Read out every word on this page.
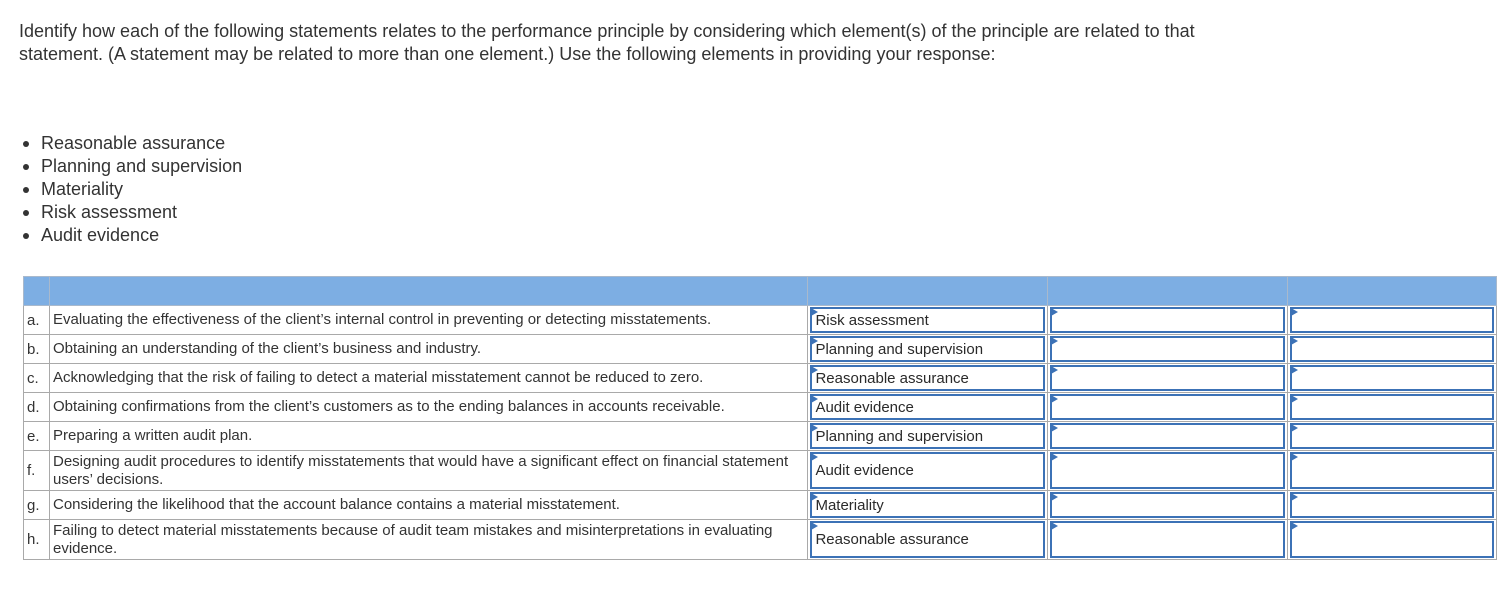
Identify how each of the following statements relates to the performance principle by considering which element(s) of the principle are related to that statement. (A statement may be related to more than one element.) Use the following elements in providing your response:
Reasonable assurance
Planning and supervision
Materiality
Risk assessment
Audit evidence

a.	Evaluating the effectiveness of the client’s internal control in preventing or detecting misstatements.	Risk assessment		

b.	Obtaining an understanding of the client’s business and industry.	Planning and supervision		

c.	Acknowledging that the risk of failing to detect a material misstatement cannot be reduced to zero.	Reasonable assurance		

d.	Obtaining confirmations from the client’s customers as to the ending balances in accounts receivable.	Audit evidence		

e.	Preparing a written audit plan.	Planning and supervision		

f.	Designing audit procedures to identify misstatements that would have a significant effect on financial statement users’ decisions.	Audit evidence		

g.	Considering the likelihood that the account balance contains a material misstatement.	Materiality		

h.	Failing to detect material misstatements because of audit team mistakes and misinterpretations in evaluating evidence.	Reasonable assurance		
